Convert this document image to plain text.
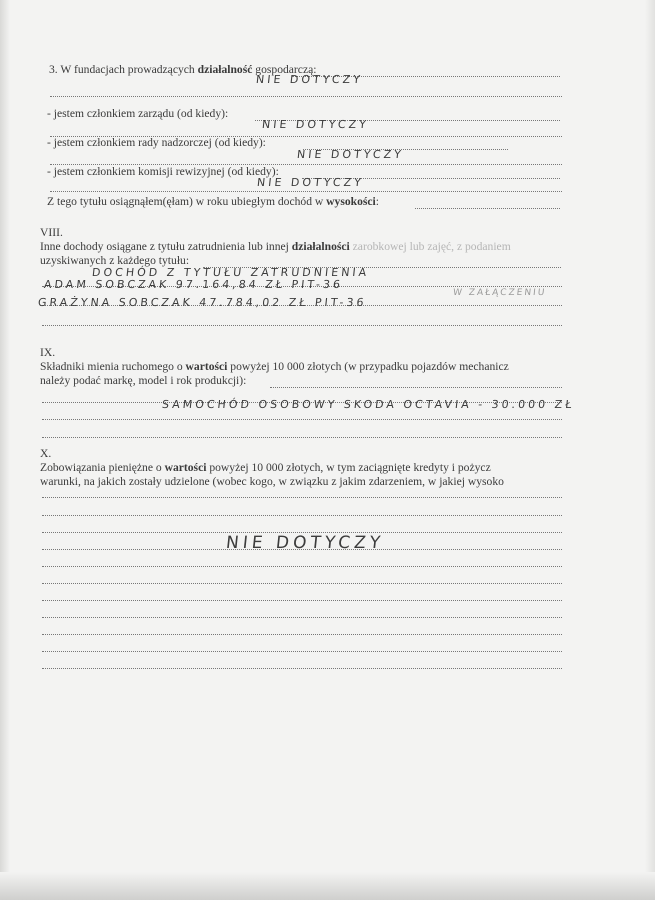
3. W fundacjach prowadzących działalność gospodarczą:
NIE DOTYCZY
- jestem członkiem zarządu (od kiedy):
NIE DOTYCZY
- jestem członkiem rady nadzorczej (od kiedy):
NIE DOTYCZY
- jestem członkiem komisji rewizyjnej (od kiedy):
NIE DOTYCZY
Z tego tytułu osiągnąłem(ęłam) w roku ubiegłym dochód w wysokości:
VIII.
Inne dochody osiągane z tytułu zatrudnienia lub innej działalności zarobkowej lub zajęć, z podaniem
uzyskiwanych z każdego tytułu:
DOCHÓD Z TYTUŁU ZATRUDNIENIA
ADAM SOBCZAK 97.164,84 ZŁ PIT-36
GRAŻYNA SOBCZAK 47.784,02 ZŁ PIT-36
W ZAŁĄCZENIU
IX.
Składniki mienia ruchomego o wartości powyżej 10 000 złotych (w przypadku pojazdów mechanicz
należy podać markę, model i rok produkcji):
SAMOCHÓD OSOBOWY SKODA OCTAVIA - 30.000 ZŁ
X.
Zobowiązania pieniężne o wartości powyżej 10 000 złotych, w tym zaciągnięte kredyty i pożycz
warunki, na jakich zostały udzielone (wobec kogo, w związku z jakim zdarzeniem, w jakiej wysoko
NIE DOTYCZY
